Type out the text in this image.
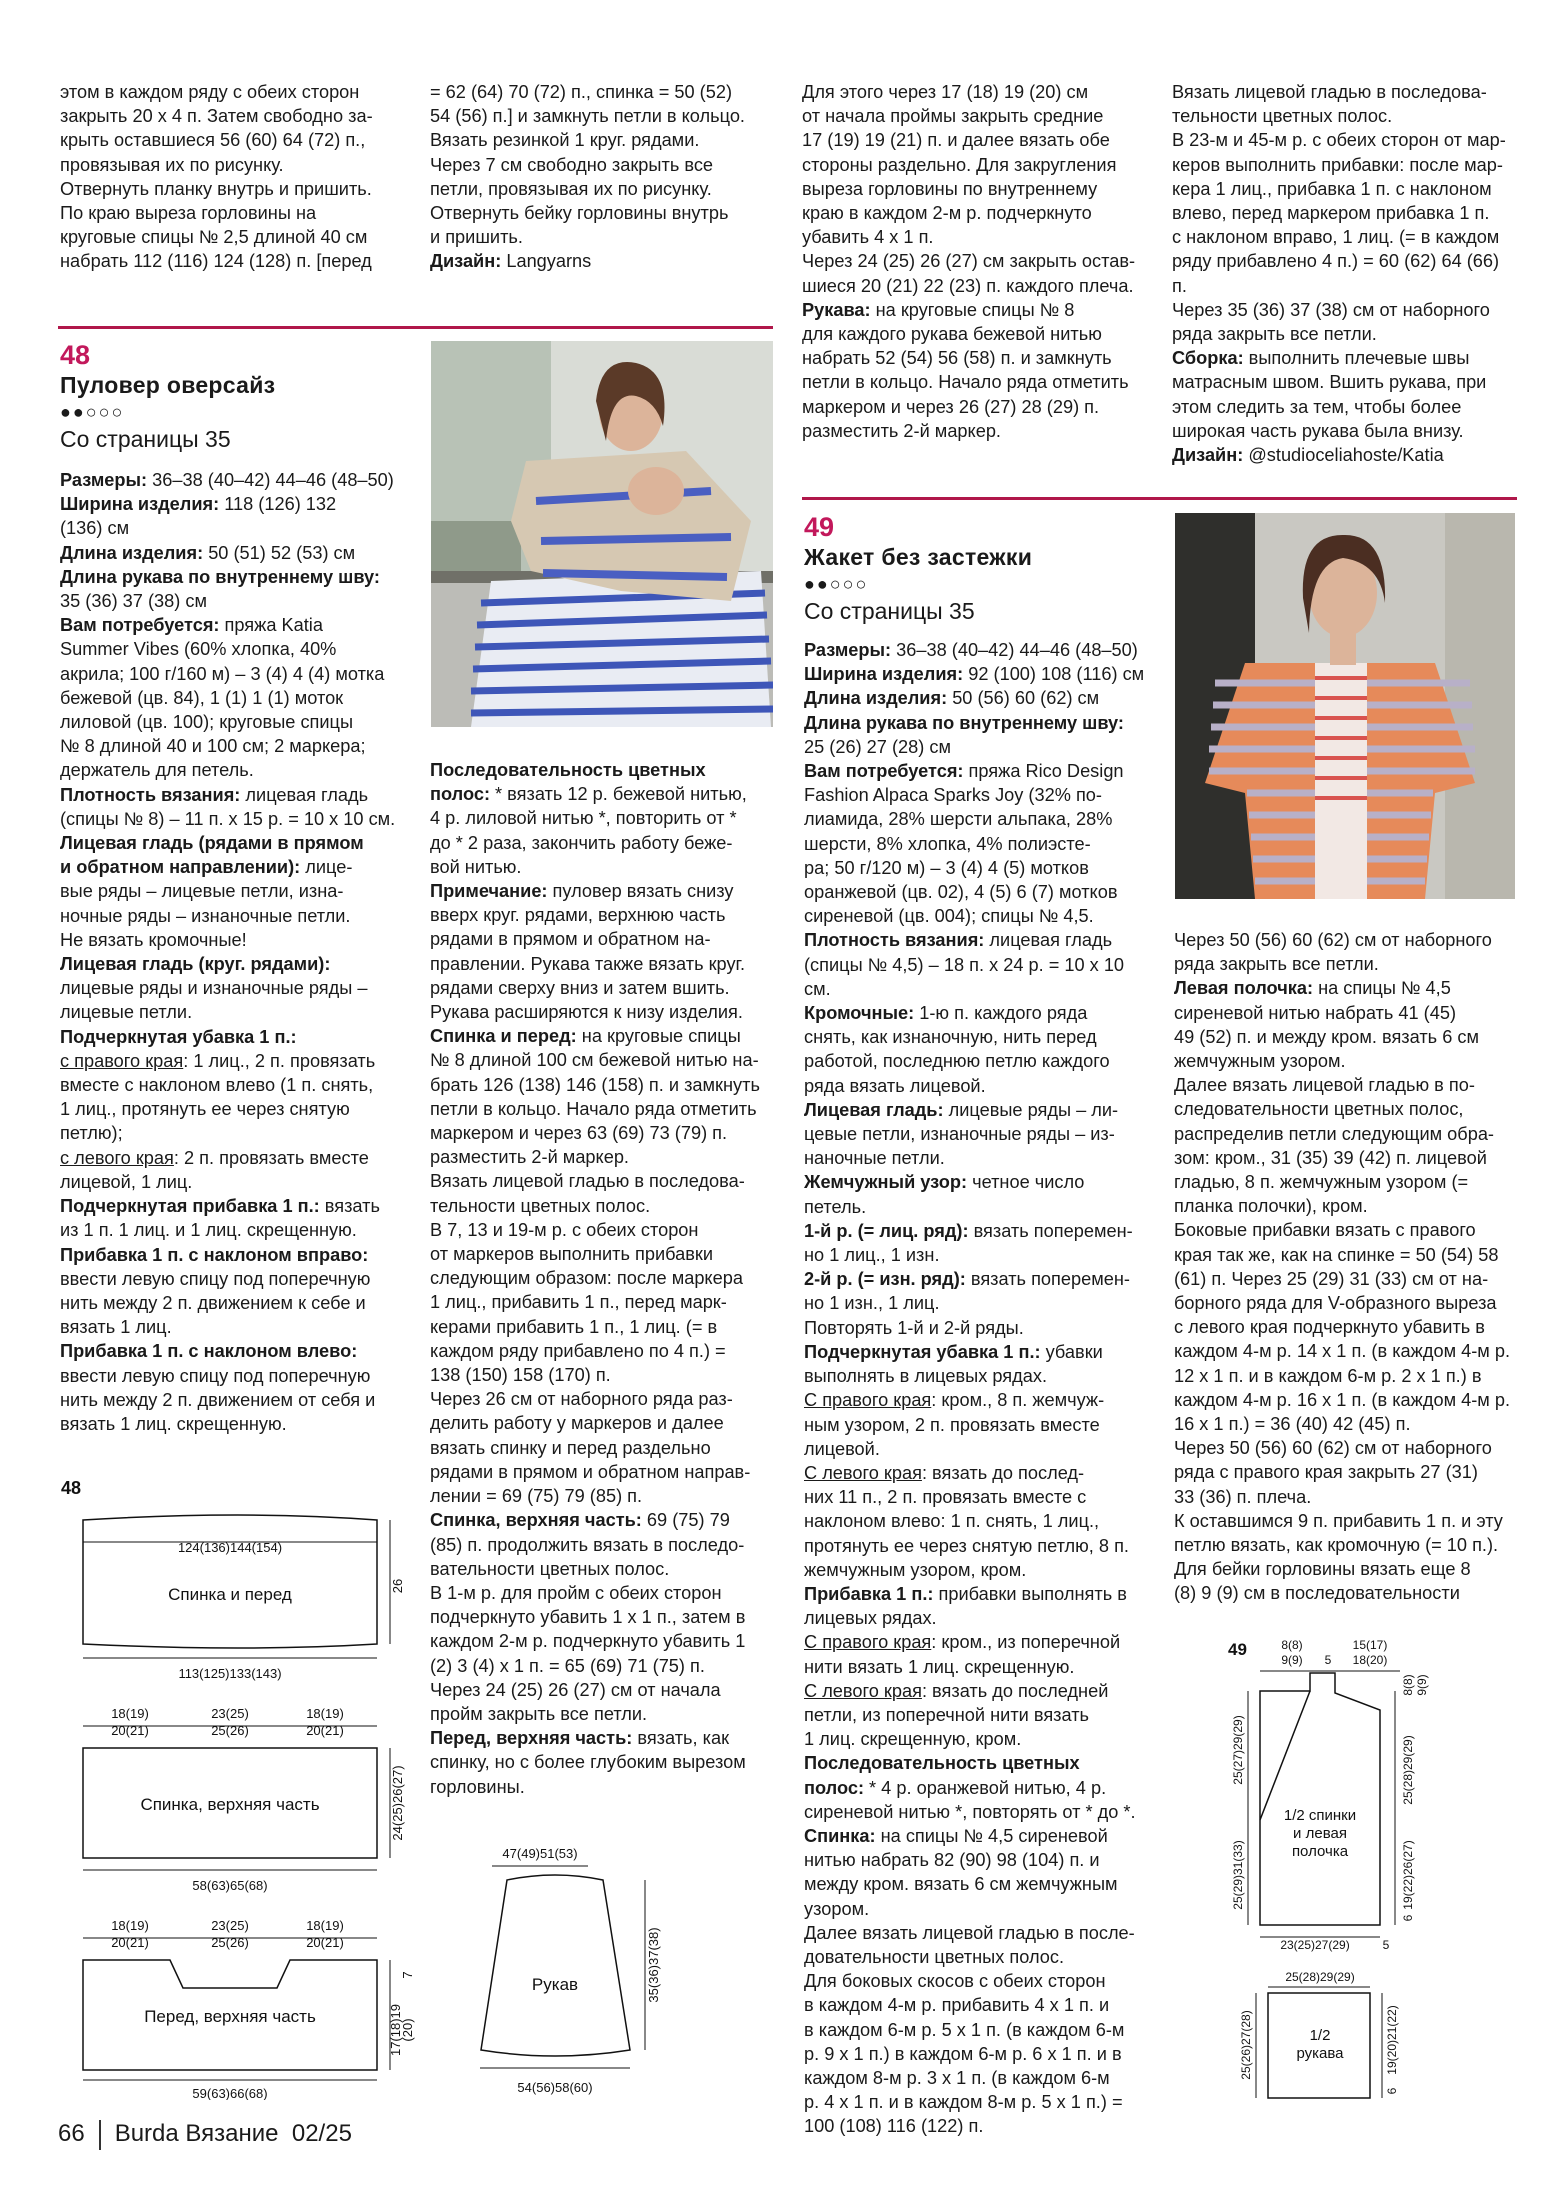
этом в каждом ряду с обеих сторон

закрыть 20 х 4 п. Затем свободно за-

крыть оставшиеся 56 (60) 64 (72) п.,

провязывая их по рисунку.

Отвернуть планку внутрь и пришить.

По краю выреза горловины на

круговые спицы № 2,5 длиной 40 см

набрать 112 (116) 124 (128) п. [перед

= 62 (64) 70 (72) п., спинка = 50 (52)

54 (56) п.] и замкнуть петли в кольцо.

Вязать резинкой 1 круг. рядами.

Через 7 см свободно закрыть все

петли, провязывая их по рисунку.

Отвернуть бейку горловины внутрь

и пришить.

Дизайн: Langyarns

Для этого через 17 (18) 19 (20) см

от начала проймы закрыть средние

17 (19) 19 (21) п. и далее вязать обе

стороны раздельно. Для закругления

выреза горловины по внутреннему

краю в каждом 2-м р. подчеркнуто

убавить 4 х 1 п.

Через 24 (25) 26 (27) см закрыть остав-

шиеся 20 (21) 22 (23) п. каждого плеча.

Рукава: на круговые спицы № 8

для каждого рукава бежевой нитью

набрать 52 (54) 56 (58) п. и замкнуть

петли в кольцо. Начало ряда отметить

маркером и через 26 (27) 28 (29) п.

разместить 2-й маркер.

Вязать лицевой гладью в последова-

тельности цветных полос.

В 23-м и 45-м р. с обеих сторон от мар-

керов выполнить прибавки: после мар-

кера 1 лиц., прибавка 1 п. с наклоном

влево, перед маркером прибавка 1 п.

с наклоном вправо, 1 лиц. (= в каждом

ряду прибавлено 4 п.) = 60 (62) 64 (66) п.

Через 35 (36) 37 (38) см от наборного

ряда закрыть все петли.

Сборка: выполнить плечевые швы

матрасным швом. Вшить рукава, при

этом следить за тем, чтобы более

широкая часть рукава была внизу.

Дизайн: @studioceliahoste/Katia

48
Пуловер оверсайз
●●○○○
Со страницы 35

Размеры: 36–38 (40–42) 44–46 (48–50)

Ширина изделия: 118 (126) 132

(136) см

Длина изделия: 50 (51) 52 (53) см

Длина рукава по внутреннему шву:

35 (36) 37 (38) см

Вам потребуется: пряжа Katia

Summer Vibes (60% хлопка, 40%

акрила; 100 г/160 м) – 3 (4) 4 (4) мотка

бежевой (цв. 84), 1 (1) 1 (1) моток

лиловой (цв. 100); круговые спицы

№ 8 длиной 40 и 100 см; 2 маркера;

держатель для петель.

Плотность вязания: лицевая гладь

(спицы № 8) – 11 п. х 15 р. = 10 х 10 см.

Лицевая гладь (рядами в прямом

и обратном направлении): лице-

вые ряды – лицевые петли, изна-

ночные ряды – изнаночные петли.

Не вязать кромочные!

Лицевая гладь (круг. рядами):

лицевые ряды и изнаночные ряды –

лицевые петли.

Подчеркнутая убавка 1 п.:

с правого края: 1 лиц., 2 п. провязать

вместе с наклоном влево (1 п. снять,

1 лиц., протянуть ее через снятую

петлю);

с левого края: 2 п. провязать вместе

лицевой, 1 лиц.

Подчеркнутая прибавка 1 п.: вязать

из 1 п. 1 лиц. и 1 лиц. скрещенную.

Прибавка 1 п. с наклоном вправо:

ввести левую спицу под поперечную

нить между 2 п. движением к себе и

вязать 1 лиц.

Прибавка 1 п. с наклоном влево:

ввести левую спицу под поперечную

нить между 2 п. движением от себя и

вязать 1 лиц. скрещенную.

Последовательность цветных

полос: * вязать 12 р. бежевой нитью,

4 р. лиловой нитью *, повторить от *

до * 2 раза, закончить работу беже-

вой нитью.

Примечание: пуловер вязать снизу

вверх круг. рядами, верхнюю часть

рядами в прямом и обратном на-

правлении. Рукава также вязать круг.

рядами сверху вниз и затем вшить.

Рукава расширяются к низу изделия.

Спинка и перед: на круговые спицы

№ 8 длиной 100 см бежевой нитью на-

брать 126 (138) 146 (158) п. и замкнуть

петли в кольцо. Начало ряда отметить

маркером и через 63 (69) 73 (79) п.

разместить 2-й маркер.

Вязать лицевой гладью в последова-

тельности цветных полос.

В 7, 13 и 19-м р. с обеих сторон

от маркеров выполнить прибавки

следующим образом: после маркера

1 лиц., прибавить 1 п., перед марк-

керами прибавить 1 п., 1 лиц. (= в

каждом ряду прибавлено по 4 п.) =

138 (150) 158 (170) п.

Через 26 см от наборного ряда раз-

делить работу у маркеров и далее

вязать спинку и перед раздельно

рядами в прямом и обратном направ-

лении = 69 (75) 79 (85) п.

Спинка, верхняя часть: 69 (75) 79

(85) п. продолжить вязать в последо-

вательности цветных полос.

В 1-м р. для пройм с обеих сторон

подчеркнуто убавить 1 х 1 п., затем в

каждом 2-м р. подчеркнуто убавить 1

(2) 3 (4) х 1 п. = 65 (69) 71 (75) п.

Через 24 (25) 26 (27) см от начала

пройм закрыть все петли.

Перед, верхняя часть: вязать, как

спинку, но с более глубоким вырезом

горловины.

48
124(136)144(154)
Спинка и перед	26
113(125)133(143)
18(19)
20(21)
23(25)
25(26)
18(19)
20(21)
Спинка, верхняя часть	24(25)26(27)
58(63)65(68)
18(19)
20(21)
23(25)
25(26)
18(19)
20(21)
Перед, верхняя часть	17(18)19
(20)
7
59(63)66(68)
47(49)51(53)
Рукав	35(36)37(38)
54(56)58(60)
49
Жакет без застежки
●●○○○
Со страницы 35

Размеры: 36–38 (40–42) 44–46 (48–50)

Ширина изделия: 92 (100) 108 (116) см

Длина изделия: 50 (56) 60 (62) см

Длина рукава по внутреннему шву:

25 (26) 27 (28) см

Вам потребуется: пряжа Rico Design

Fashion Alpaca Sparks Joy (32% по-

лиамида, 28% шерсти альпака, 28%

шерсти, 8% хлопка, 4% полиэсте-

ра; 50 г/120 м) – 3 (4) 4 (5) мотков

оранжевой (цв. 02), 4 (5) 6 (7) мотков

сиреневой (цв. 004); спицы № 4,5.

Плотность вязания: лицевая гладь

(спицы № 4,5) – 18 п. х 24 р. = 10 х 10 см.

Кромочные: 1-ю п. каждого ряда

снять, как изнаночную, нить перед

работой, последнюю петлю каждого

ряда вязать лицевой.

Лицевая гладь: лицевые ряды – ли-

цевые петли, изнаночные ряды – из-

наночные петли.

Жемчужный узор: четное число

петель.

1-й р. (= лиц. ряд): вязать поперемен-

но 1 лиц., 1 изн.

2-й р. (= изн. ряд): вязать поперемен-

но 1 изн., 1 лиц.

Повторять 1-й и 2-й ряды.

Подчеркнутая убавка 1 п.: убавки

выполнять в лицевых рядах.

С правого края: кром., 8 п. жемчуж-

ным узором, 2 п. провязать вместе

лицевой.

С левого края: вязать до послед-

них 11 п., 2 п. провязать вместе с

наклоном влево: 1 п. снять, 1 лиц.,

протянуть ее через снятую петлю, 8 п.

жемчужным узором, кром.

Прибавка 1 п.: прибавки выполнять в

лицевых рядах.

С правого края: кром., из поперечной

нити вязать 1 лиц. скрещенную.

С левого края: вязать до последней

петли, из поперечной нити вязать

1 лиц. скрещенную, кром.

Последовательность цветных

полос: * 4 р. оранжевой нитью, 4 р.

сиреневой нитью *, повторять от * до *.

Спинка: на спицы № 4,5 сиреневой

нитью набрать 82 (90) 98 (104) п. и

между кром. вязать 6 см жемчужным

узором.

Далее вязать лицевой гладью в после-

довательности цветных полос.

Для боковых скосов с обеих сторон

в каждом 4-м р. прибавить 4 х 1 п. и

в каждом 6-м р. 5 х 1 п. (в каждом 6-м

р. 9 х 1 п.) в каждом 6-м р. 6 х 1 п. и в

каждом 8-м р. 3 х 1 п. (в каждом 6-м

р. 4 х 1 п. и в каждом 8-м р. 5 х 1 п.) =

100 (108) 116 (122) п.

Через 50 (56) 60 (62) см от наборного

ряда закрыть все петли.

Левая полочка: на спицы № 4,5

сиреневой нитью набрать 41 (45)

49 (52) п. и между кром. вязать 6 см

жемчужным узором.

Далее вязать лицевой гладью в по-

следовательности цветных полос,

распределив петли следующим обра-

зом: кром., 31 (35) 39 (42) п. лицевой

гладью, 8 п. жемчужным узором (=

планка полочки), кром.

Боковые прибавки вязать с правого

края так же, как на спинке = 50 (54) 58

(61) п. Через 25 (29) 31 (33) см от на-

борного ряда для V-образного выреза

с левого края подчеркнуто убавить в

каждом 4-м р. 14 х 1 п. (в каждом 4-м р.

12 х 1 п. и в каждом 6-м р. 2 х 1 п.) в

каждом 4-м р. 16 х 1 п. (в каждом 4-м р.

16 х 1 п.) = 36 (40) 42 (45) п.

Через 50 (56) 60 (62) см от наборного

ряда с правого края закрыть 27 (31)

33 (36) п. плеча.

К оставшимся 9 п. прибавить 1 п. и эту

петлю вязать, как кромочную (= 10 п.).

Для бейки горловины вязать еще 8

(8) 9 (9) см в последовательности

49	8(8)
9(9) 5
15(17)
18(20)
1/2 спинки
и левая
полочка
25(27)29(29)
25(29)31(33)
8(8) 9(9)
25(28)29(29)
19(22)26(27)
6
23(25)27(29)	5
25(28)29(29)
1/2
рукава
25(26)27(28)	19(20)21(22)
6
66 Burda Вязание 02/25
